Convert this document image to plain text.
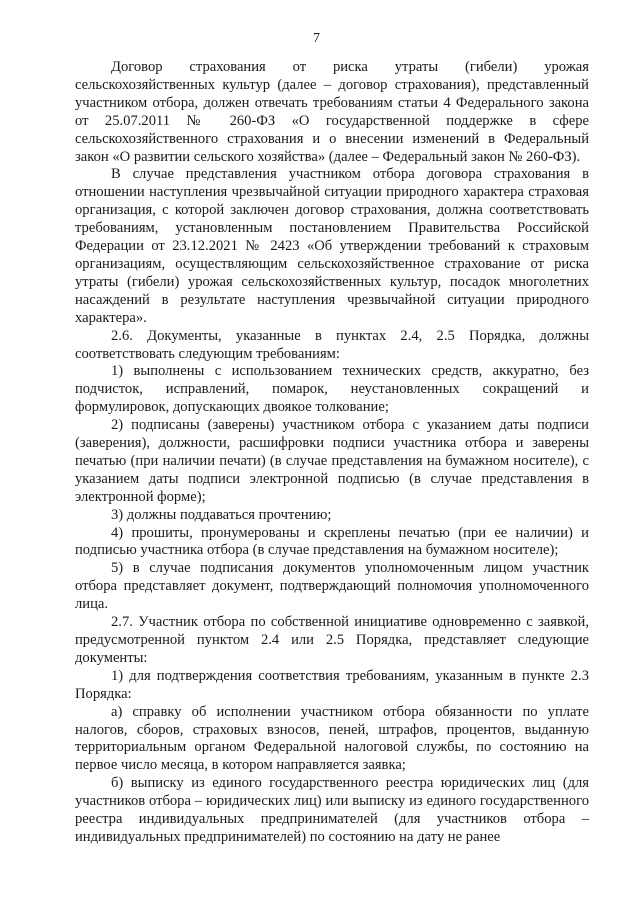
7

Договор страхования от риска утраты (гибели) урожая сельскохозяйственных культур (далее – договор страхования), представленный участником отбора, должен отвечать требованиям статьи 4 Федерального закона от 25.07.2011 № 260-ФЗ «О государственной поддержке в сфере сельскохозяйственного страхования и о внесении изменений в Федеральный закон «О развитии сельского хозяйства» (далее – Федеральный закон № 260-ФЗ).

В случае представления участником отбора договора страхования в отношении наступления чрезвычайной ситуации природного характера страховая организация, с которой заключен договор страхования, должна соответствовать требованиям, установленным постановлением Правительства Российской Федерации от 23.12.2021 № 2423 «Об утверждении требований к страховым организациям, осуществляющим сельскохозяйственное страхование от риска утраты (гибели) урожая сельскохозяйственных культур, посадок многолетних насаждений в результате наступления чрезвычайной ситуации природного характера».

2.6. Документы, указанные в пунктах 2.4, 2.5 Порядка, должны соответствовать следующим требованиям:

1) выполнены с использованием технических средств, аккуратно, без подчисток, исправлений, помарок, неустановленных сокращений и формулировок, допускающих двоякое толкование;

2) подписаны (заверены) участником отбора с указанием даты подписи (заверения), должности, расшифровки подписи участника отбора и заверены печатью (при наличии печати) (в случае представления на бумажном носителе), с указанием даты подписи электронной подписью (в случае представления в электронной форме);

3) должны поддаваться прочтению;

4) прошиты, пронумерованы и скреплены печатью (при ее наличии) и подписью участника отбора (в случае представления на бумажном носителе);

5) в случае подписания документов уполномоченным лицом участник отбора представляет документ, подтверждающий полномочия уполномоченного лица.

2.7. Участник отбора по собственной инициативе одновременно с заявкой, предусмотренной пунктом 2.4 или 2.5 Порядка, представляет следующие документы:

1) для подтверждения соответствия требованиям, указанным в пункте 2.3 Порядка:

а) справку об исполнении участником отбора обязанности по уплате налогов, сборов, страховых взносов, пеней, штрафов, процентов, выданную территориальным органом Федеральной налоговой службы, по состоянию на первое число месяца, в котором направляется заявка;

б) выписку из единого государственного реестра юридических лиц (для участников отбора – юридических лиц) или выписку из единого государственного реестра индивидуальных предпринимателей (для участников отбора – индивидуальных предпринимателей) по состоянию на дату не ранее
